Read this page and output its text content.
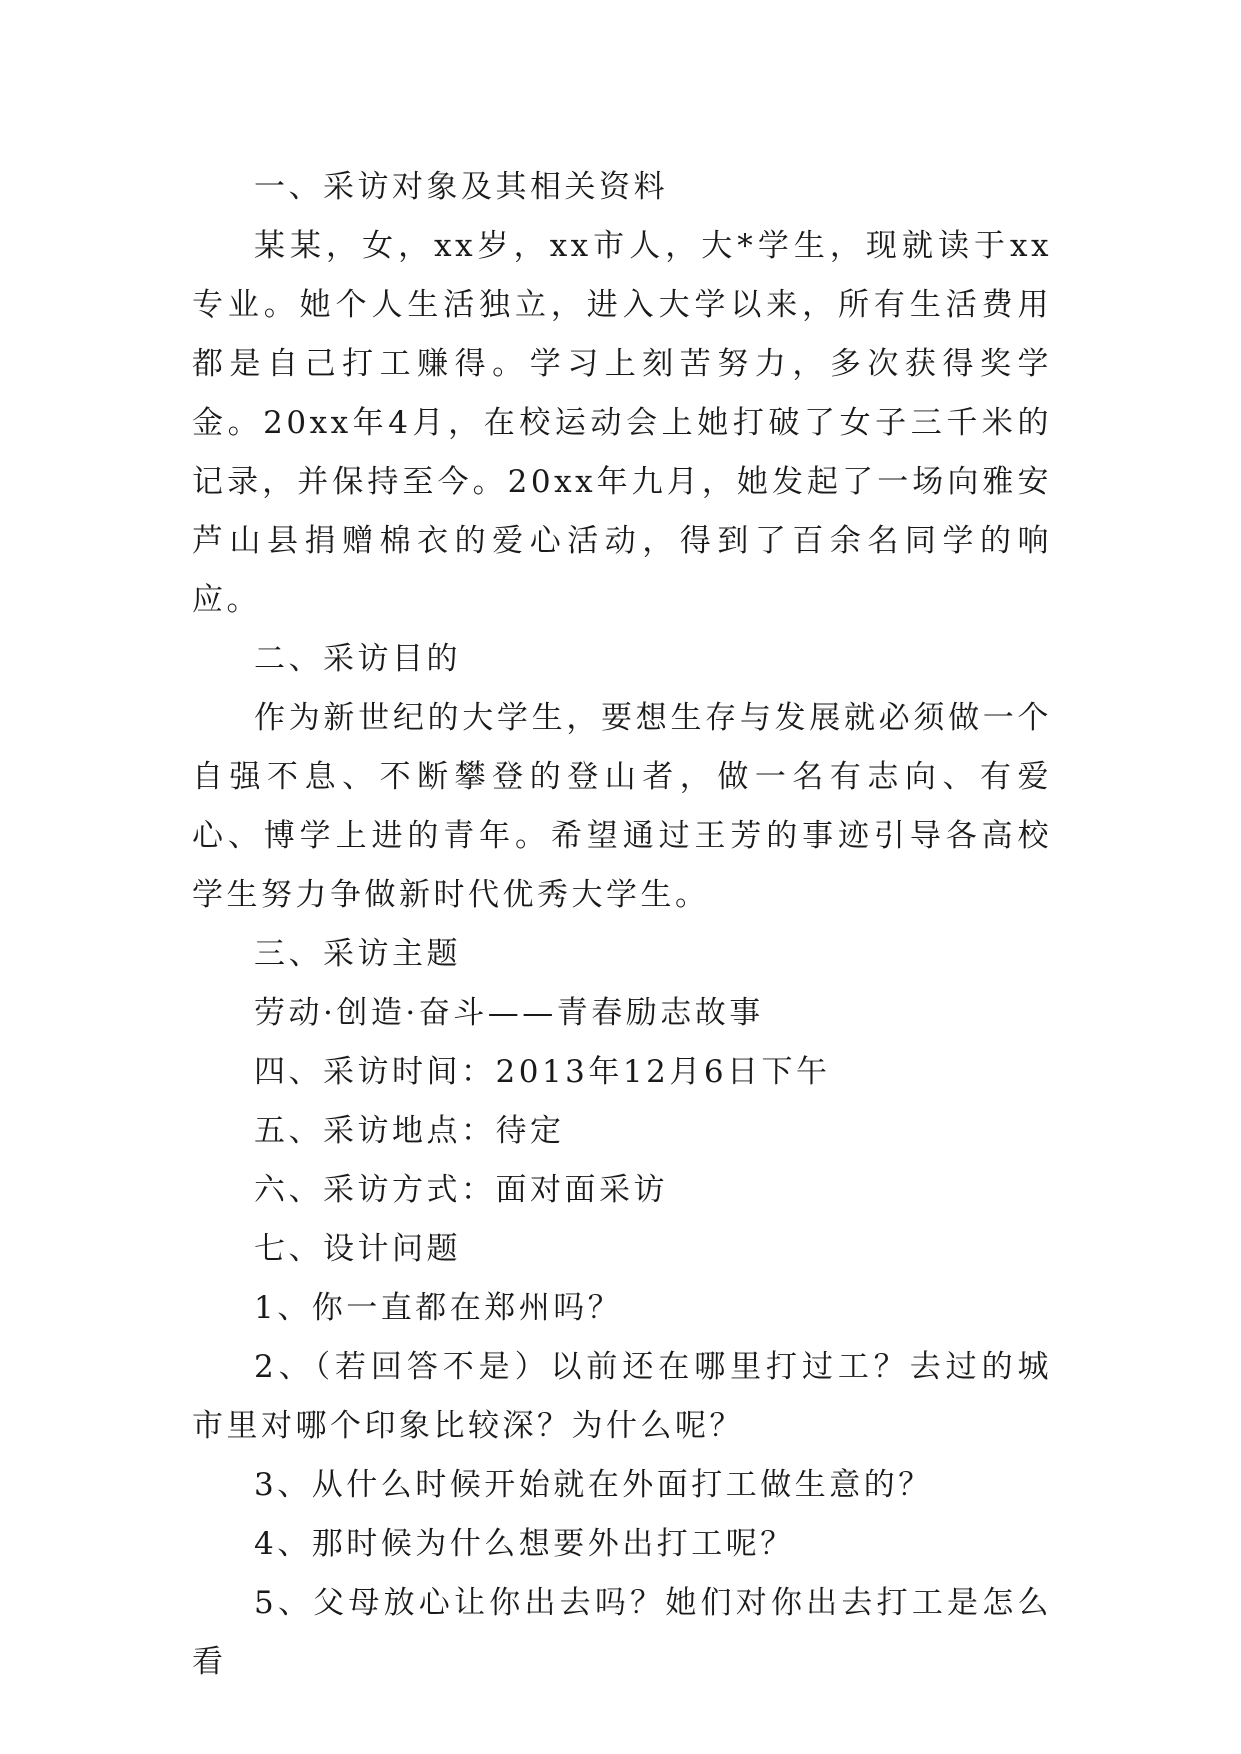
一、采访对象及其相关资料

某某，女，xx岁，xx市人，大*学生，现就读于xx专业。她个人生活独立，进入大学以来，所有生活费用都是自己打工赚得。学习上刻苦努力，多次获得奖学金。20xx年4月，在校运动会上她打破了女子三千米的记录，并保持至今。20xx年九月，她发起了一场向雅安芦山县捐赠棉衣的爱心活动，得到了百余名同学的响应。

二、采访目的

作为新世纪的大学生，要想生存与发展就必须做一个自强不息、不断攀登的登山者，做一名有志向、有爱心、博学上进的青年。希望通过王芳的事迹引导各高校学生努力争做新时代优秀大学生。

三、采访主题

劳动·创造·奋斗——青春励志故事

四、采访时间：2013年12月6日下午

五、采访地点：待定

六、采访方式：面对面采访

七、设计问题

1、你一直都在郑州吗？

2、（若回答不是）以前还在哪里打过工？去过的城市里对哪个印象比较深？为什么呢？

3、从什么时候开始就在外面打工做生意的？

4、那时候为什么想要外出打工呢？

5、父母放心让你出去吗？她们对你出去打工是怎么看
